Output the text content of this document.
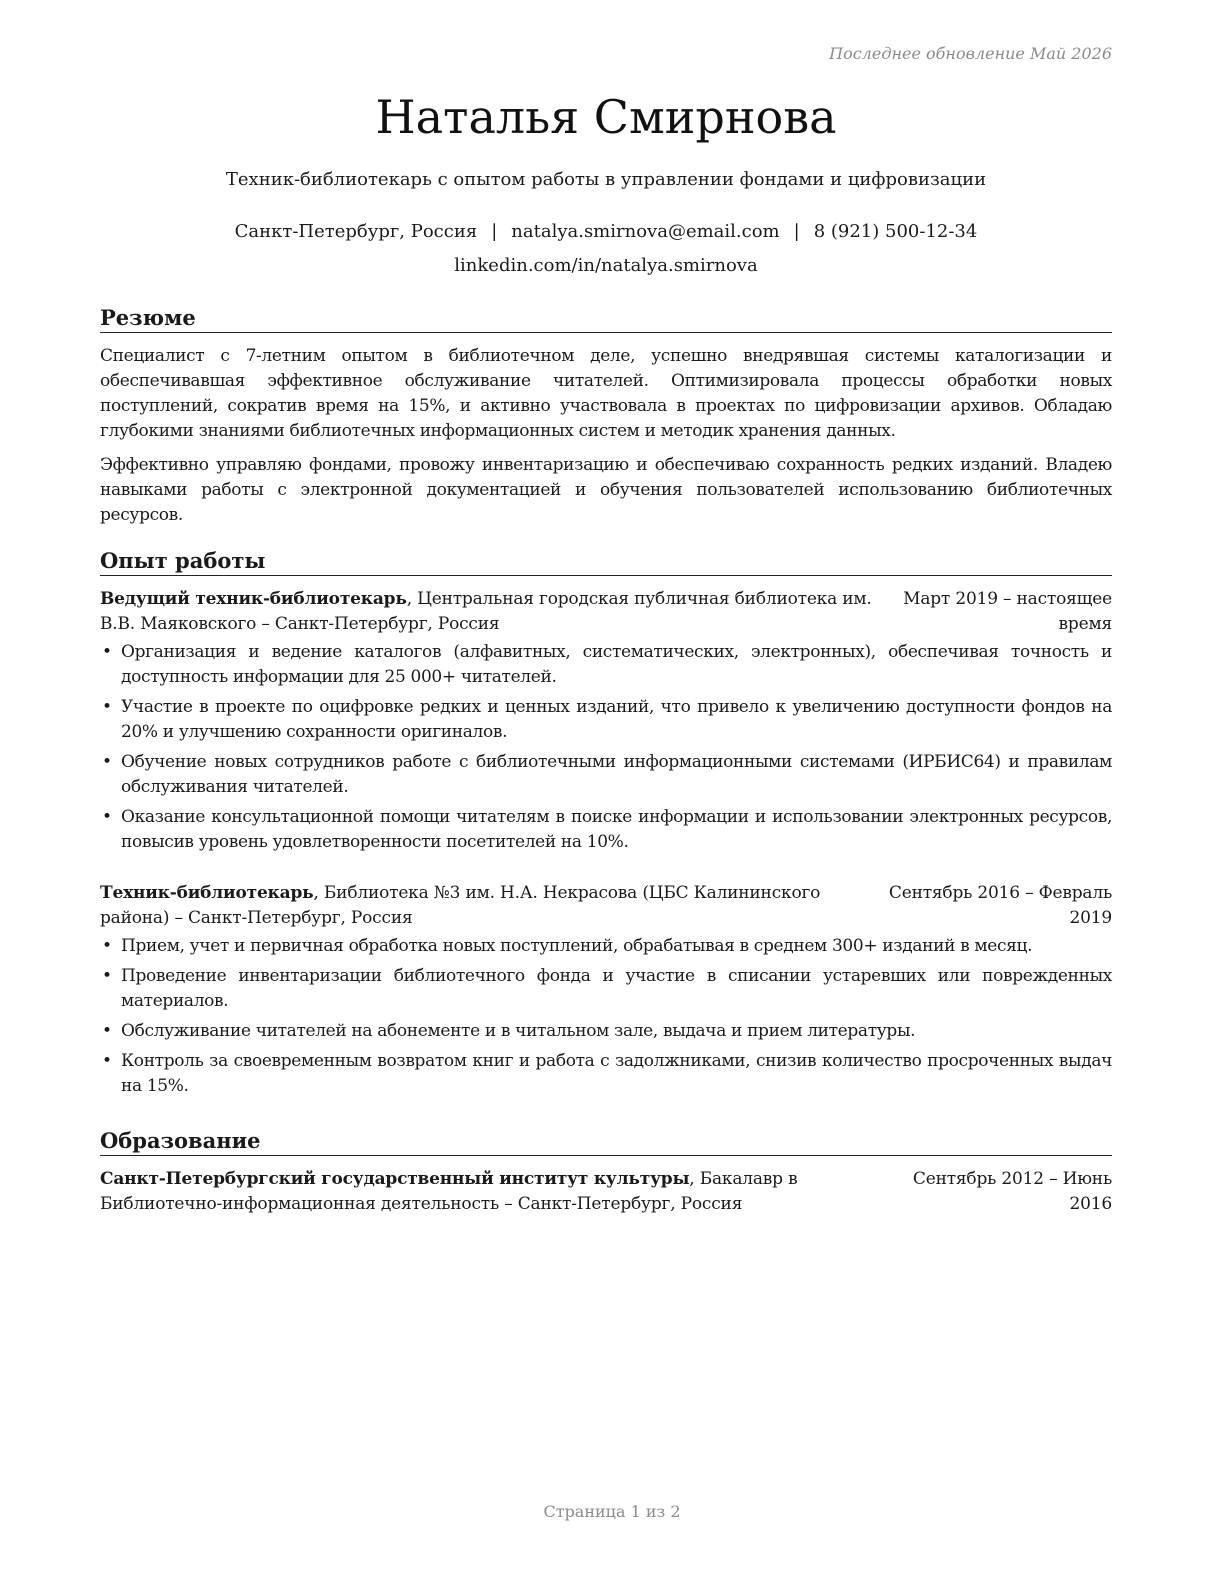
Последнее обновление Май 2026
Наталья Смирнова
Техник-библиотекарь с опытом работы в управлении фондами и цифровизации
Санкт-Петербург, Россия | natalya.smirnova@email.com | 8 (921) 500-12-34
linkedin.com/in/natalya.smirnova
Резюме

Специалист с 7-летним опытом в библиотечном деле, успешно внедрявшая системы каталогизации и обеспечивавшая эффективное обслуживание читателей. Оптимизировала процессы обработки новых поступлений, сократив время на 15%, и активно участвовала в проектах по цифровизации архивов. Обладаю глубокими знаниями библиотечных информационных систем и методик хранения данных.

Эффективно управляю фондами, провожу инвентаризацию и обеспечиваю сохранность редких изданий. Владею навыками работы с электронной документацией и обучения пользователей использованию библиотечных ресурсов.

Опыт работы
Ведущий техник-библиотекарь, Центральная городская публичная библиотека им. В.В. Маяковского – Санкт-Петербург, Россия
Март 2019 – настоящее время
• Организация и ведение каталогов (алфавитных, систематических, электронных), обеспечивая точность и доступность информации для 25 000+ читателей.
• Участие в проекте по оцифровке редких и ценных изданий, что привело к увеличению доступности фондов на 20% и улучшению сохранности оригиналов.
• Обучение новых сотрудников работе с библиотечными информационными системами (ИРБИС64) и правилам обслуживания читателей.
• Оказание консультационной помощи читателям в поиске информации и использовании электронных ресурсов, повысив уровень удовлетворенности посетителей на 10%.
Техник-библиотекарь, Библиотека №3 им. Н.А. Некрасова (ЦБС Калининского района) – Санкт-Петербург, Россия
Сентябрь 2016 – Февраль 2019
• Прием, учет и первичная обработка новых поступлений, обрабатывая в среднем 300+ изданий в месяц.
• Проведение инвентаризации библиотечного фонда и участие в списании устаревших или поврежденных материалов.
• Обслуживание читателей на абонементе и в читальном зале, выдача и прием литературы.
• Контроль за своевременным возвратом книг и работа с задолжниками, снизив количество просроченных выдач на 15%.
Образование
Санкт-Петербургский государственный институт культуры, Бакалавр в Библиотечно-информационная деятельность – Санкт-Петербург, Россия
Сентябрь 2012 – Июнь 2016
Страница 1 из 2
